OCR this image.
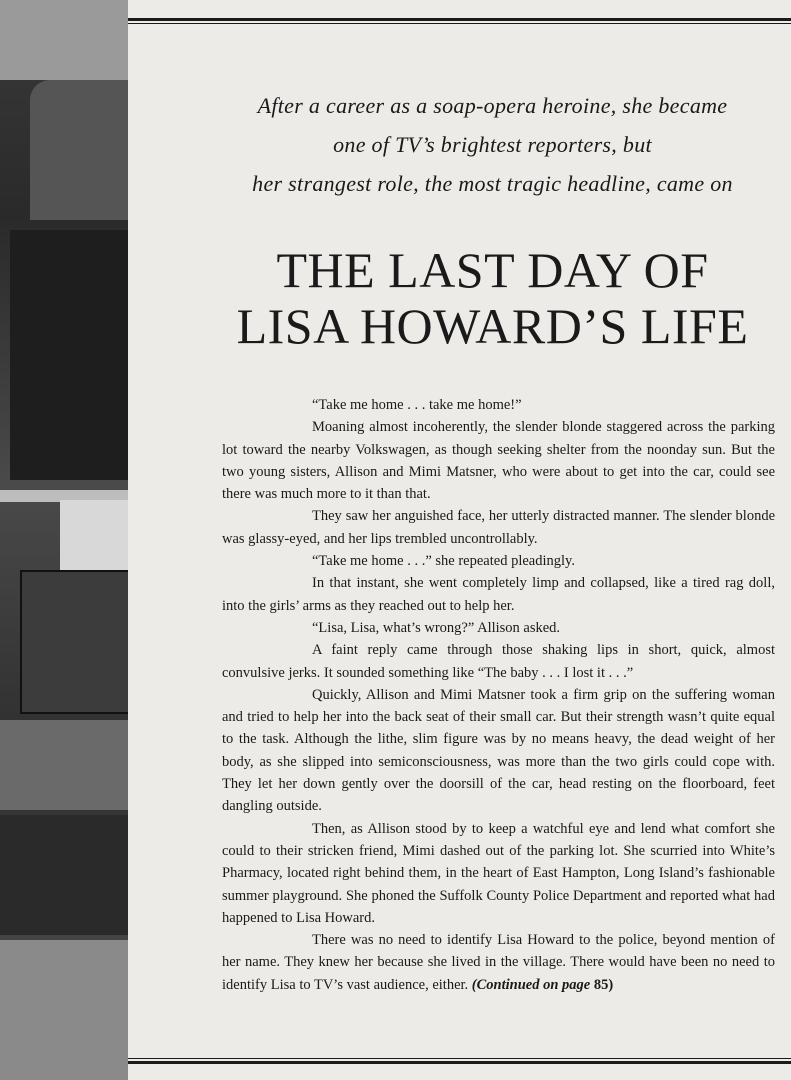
After a career as a soap-opera heroine, she became
one of TV’s brightest reporters, but
her strangest role, the most tragic headline, came on
THE LAST DAY OF
LISA HOWARD’S LIFE

“Take me home . . . take me home!”

Moaning almost incoherently, the slender blonde staggered across the parking lot toward the nearby Volkswagen, as though seeking shelter from the noonday sun. But the two young sisters, Allison and Mimi Matsner, who were about to get into the car, could see there was much more to it than that.

They saw her anguished face, her utterly distracted manner. The slender blonde was glassy-eyed, and her lips trembled uncontrollably.

“Take me home . . .” she repeated pleadingly.

In that instant, she went completely limp and collapsed, like a tired rag doll, into the girls’ arms as they reached out to help her.

“Lisa, Lisa, what’s wrong?” Allison asked.

A faint reply came through those shaking lips in short, quick, almost convulsive jerks. It sounded something like “The baby . . . I lost it . . .”

Quickly, Allison and Mimi Matsner took a firm grip on the suffering woman and tried to help her into the back seat of their small car. But their strength wasn’t quite equal to the task. Although the lithe, slim figure was by no means heavy, the dead weight of her body, as she slipped into semiconsciousness, was more than the two girls could cope with. They let her down gently over the doorsill of the car, head resting on the floorboard, feet dangling outside.

Then, as Allison stood by to keep a watchful eye and lend what comfort she could to their stricken friend, Mimi dashed out of the parking lot. She scurried into White’s Pharmacy, located right behind them, in the heart of East Hampton, Long Island’s fashionable summer playground. She phoned the Suffolk County Police Department and reported what had happened to Lisa Howard.

There was no need to identify Lisa Howard to the police, beyond mention of her name. They knew her because she lived in the village. There would have been no need to identify Lisa to TV’s vast audience, either. (Continued on page 85)
